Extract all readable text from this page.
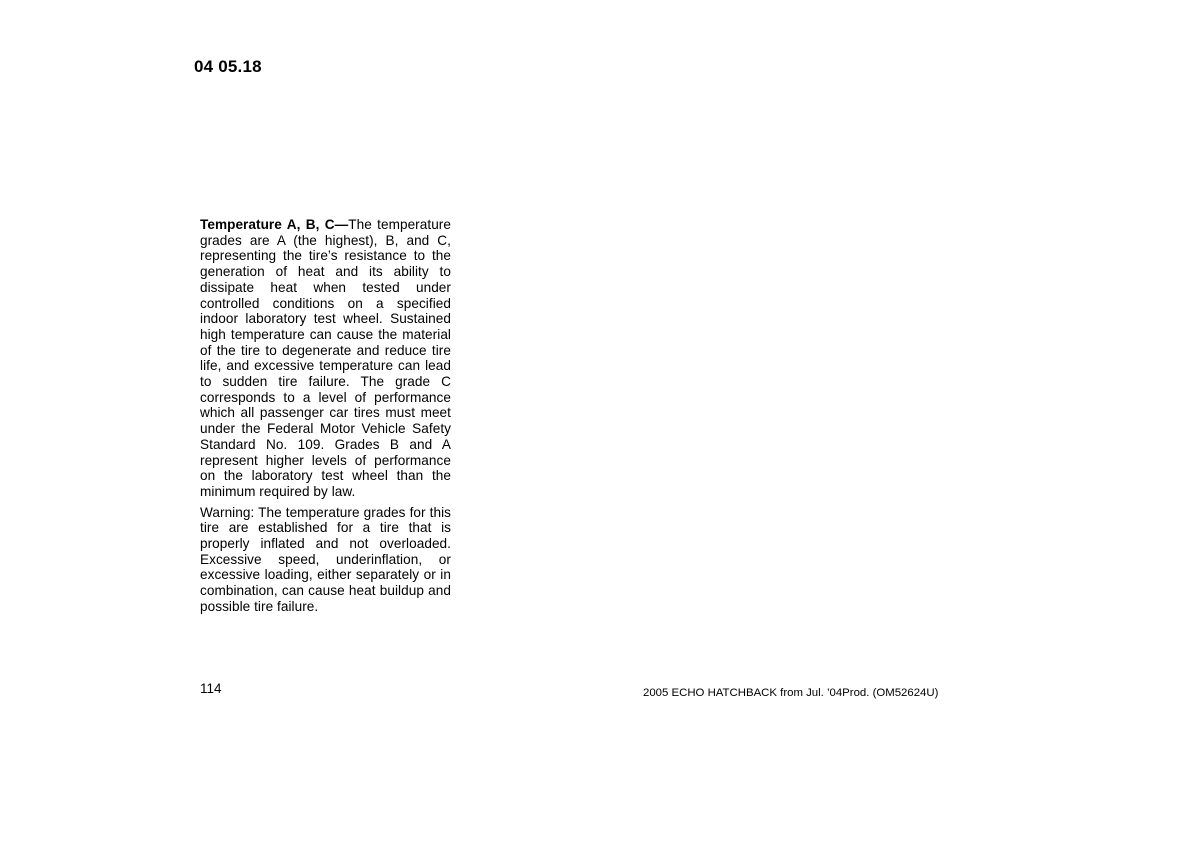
04 05.18

Temperature A, B, C—The temperature grades are A (the highest), B, and C, representing the tire’s resistance to the generation of heat and its ability to dissipate heat when tested under controlled conditions on a specified indoor laboratory test wheel. Sustained high temperature can cause the material of the tire to degenerate and reduce tire life, and excessive temperature can lead to sudden tire failure. The grade C corresponds to a level of performance which all passenger car tires must meet under the Federal Motor Vehicle Safety Standard No. 109. Grades B and A represent higher levels of performance on the laboratory test wheel than the minimum required by law.

Warning: The temperature grades for this tire are established for a tire that is properly inflated and not overloaded. Excessive speed, underinflation, or excessive loading, either separately or in combination, can cause heat buildup and possible tire failure.

114	2005 ECHO HATCHBACK from Jul. ’04Prod. (OM52624U)
